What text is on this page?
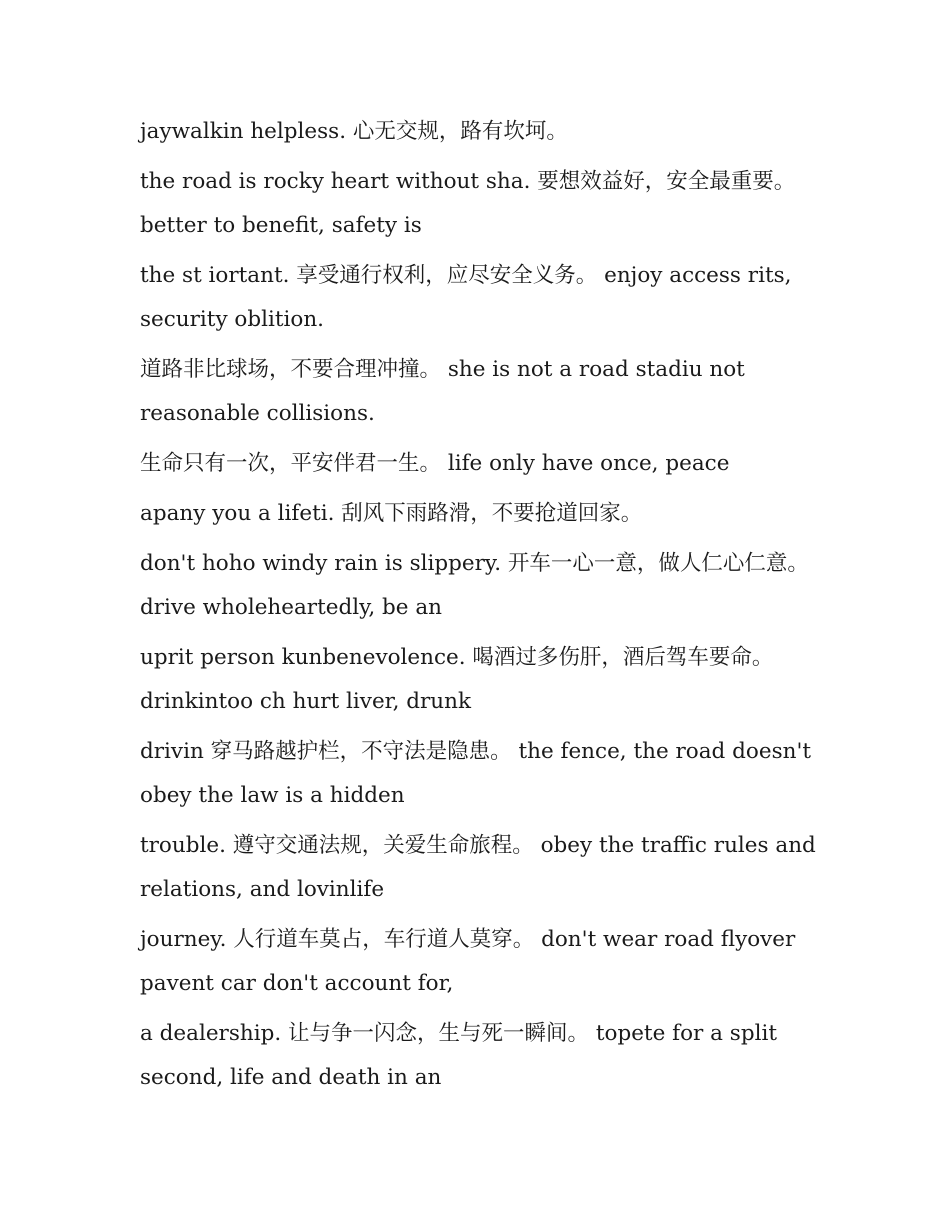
jaywalkin helpless. 心无交规，路有坎坷。

the road is rocky heart without sha. 要想效益好，安全最重要。 better to benefit, safety is

the st iortant. 享受通行权利，应尽安全义务。 enjoy access rits, security oblition.

道路非比球场，不要合理冲撞。 she is not a road stadiu not reasonable collisions.

生命只有一次，平安伴君一生。 life only have once, peace

apany you a lifeti. 刮风下雨路滑，不要抢道回家。

don't hoho windy rain is slippery. 开车一心一意，做人仁心仁意。 drive wholeheartedly, be an

uprit person kunbenevolence. 喝酒过多伤肝，酒后驾车要命。 drinkintoo ch hurt liver, drunk

drivin 穿马路越护栏，不守法是隐患。 the fence, the road doesn't obey the law is a hidden

trouble. 遵守交通法规，关爱生命旅程。 obey the traffic rules and relations, and lovinlife

journey. 人行道车莫占，车行道人莫穿。 don't wear road flyover pavent car don't account for,

a dealership. 让与争一闪念，生与死一瞬间。 topete for a split second, life and death in an
